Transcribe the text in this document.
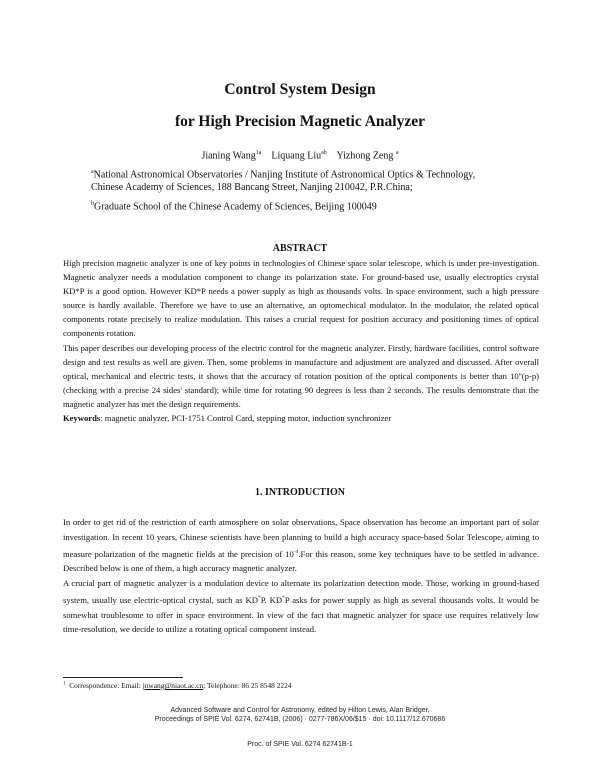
Control System Design
for High Precision Magnetic Analyzer
Jianing Wang$^{1a}$ Liquang Liu$^{ab}$ Yizhong Zeng $^a$
$^a$National Astronomical Observatories / Nanjing Institute of Astronomical Optics & Technology,
Chinese Academy of Sciences, 188 Bancang Street, Nanjing 210042, P.R.China;
$^b$Graduate School of the Chinese Academy of Sciences, Beijing 100049
ABSTRACT

High precision magnetic analyzer is one of key points in technologies of Chinese space solar telescope, which is under pre-investigation. Magnetic analyzer needs a modulation component to change its polarization state. For ground-based use, usually electroptics crystal KD*P is a good option. However KD*P needs a power supply as high as thousands volts. In space environment, such a high pressure source is hardly available. Therefore we have to use an alternative, an optomechical modulator. In the modulator, the related optical components rotate precisely to realize modulation. This raises a crucial request for position accuracy and positioning times of optical components rotation.

This paper describes our developing process of the electric control for the magnetic analyzer. Firstly, hardware facilities, control software design and test results as well are given. Then, some problems in manufacture and adjustment are analyzed and discussed. After overall optical, mechanical and electric tests, it shows that the accuracy of rotation position of the optical components is better than 10''(p-p)(checking with a precise 24 sides' standard); while time for rotating 90 degrees is less than 2 seconds. The results demonstrate that the magnetic analyzer has met the design requirements.

Keywords: magnetic analyzer, PCI-1751 Control Card, stepping motor, induction synchronizer

1. INTRODUCTION

In order to get rid of the restriction of earth atmosphere on solar observations, Space observation has become an important part of solar investigation. In recent 10 years, Chinese scientists have been planning to build a high accuracy space-based Solar Telescope, aiming to measure polarization of the magnetic fields at the precision of $10^{-4}.For$ this reason, some key techniques have to be settled in advance. Described below is one of them, a high accuracy magnetic analyzer.

A crucial part of magnetic analyzer is a modulation device to alternate its polarization detection mode. Those, working in ground-based system, usually use electric-optical crystal, such as KD*P. KD*P asks for power supply as high as several thousands volts. It would be somewhat troublesome to offer in space environment. In view of the fact that magnetic analyzer for space use requires relatively low time-resolution, we decide to utilize a rotating optical component instead.

$^1$ Correspondence: Email: jnwang@niaot.ac.cn; Telephone: 86 25 8548 2224
Advanced Software and Control for Astronomy, edited by Hilton Lewis, Alan Bridger,
Proceedings of SPIE Vol. 6274, 62741B, (2006) · 0277-786X/06/$15 · doi: 10.1117/12.670686
Proc. of SPIE Vol. 6274 62741B-1
